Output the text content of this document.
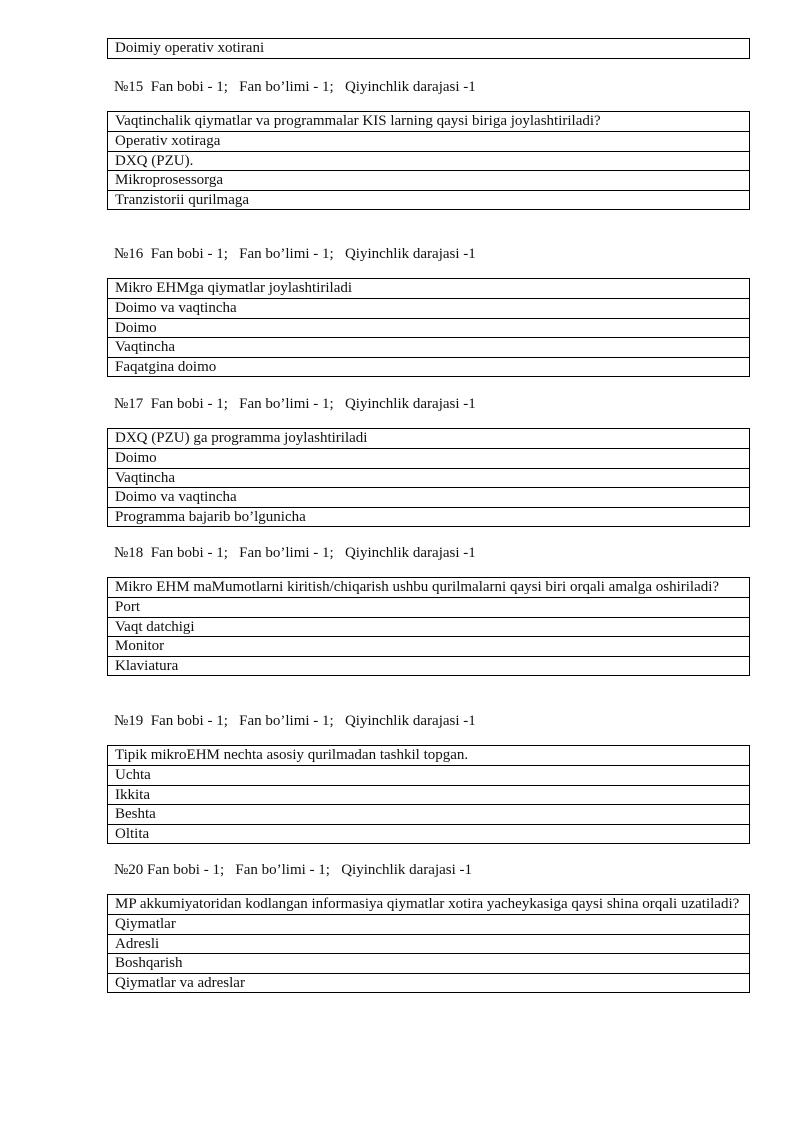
Doimiy operativ xotirani
№15  Fan bobi - 1;   Fan bo’limi - 1;   Qiyinchlik darajasi -1
Vaqtinchalik qiymatlar va programmalar KIS larning qaysi biriga joylashtiriladi?
Operativ xotiraga
DXQ (PZU).
Mikroprosessorga
Tranzistorii qurilmaga
№16  Fan bobi - 1;   Fan bo’limi - 1;   Qiyinchlik darajasi -1
Mikro EHMga qiymatlar joylashtiriladi
Doimo va vaqtincha
Doimo
Vaqtincha
Faqatgina doimo
№17  Fan bobi - 1;   Fan bo’limi - 1;   Qiyinchlik darajasi -1
DXQ (PZU) ga programma joylashtiriladi
Doimo
Vaqtincha
Doimo va vaqtincha
Programma bajarib bo’lgunicha
№18  Fan bobi - 1;   Fan bo’limi - 1;   Qiyinchlik darajasi -1
Mikro EHM maMumotlarni kiritish/chiqarish ushbu qurilmalarni qaysi biri orqali amalga oshiriladi?
Port
Vaqt datchigi
Monitor
Klaviatura
№19  Fan bobi - 1;   Fan bo’limi - 1;   Qiyinchlik darajasi -1
Tipik mikroEHM nechta asosiy qurilmadan tashkil topgan.
Uchta
Ikkita
Beshta
Oltita
№20 Fan bobi - 1;   Fan bo’limi - 1;   Qiyinchlik darajasi -1
MP akkumiyatoridan kodlangan informasiya qiymatlar xotira yacheykasiga qaysi shina orqali uzatiladi?
Qiymatlar
Adresli
Boshqarish
Qiymatlar va adreslar
